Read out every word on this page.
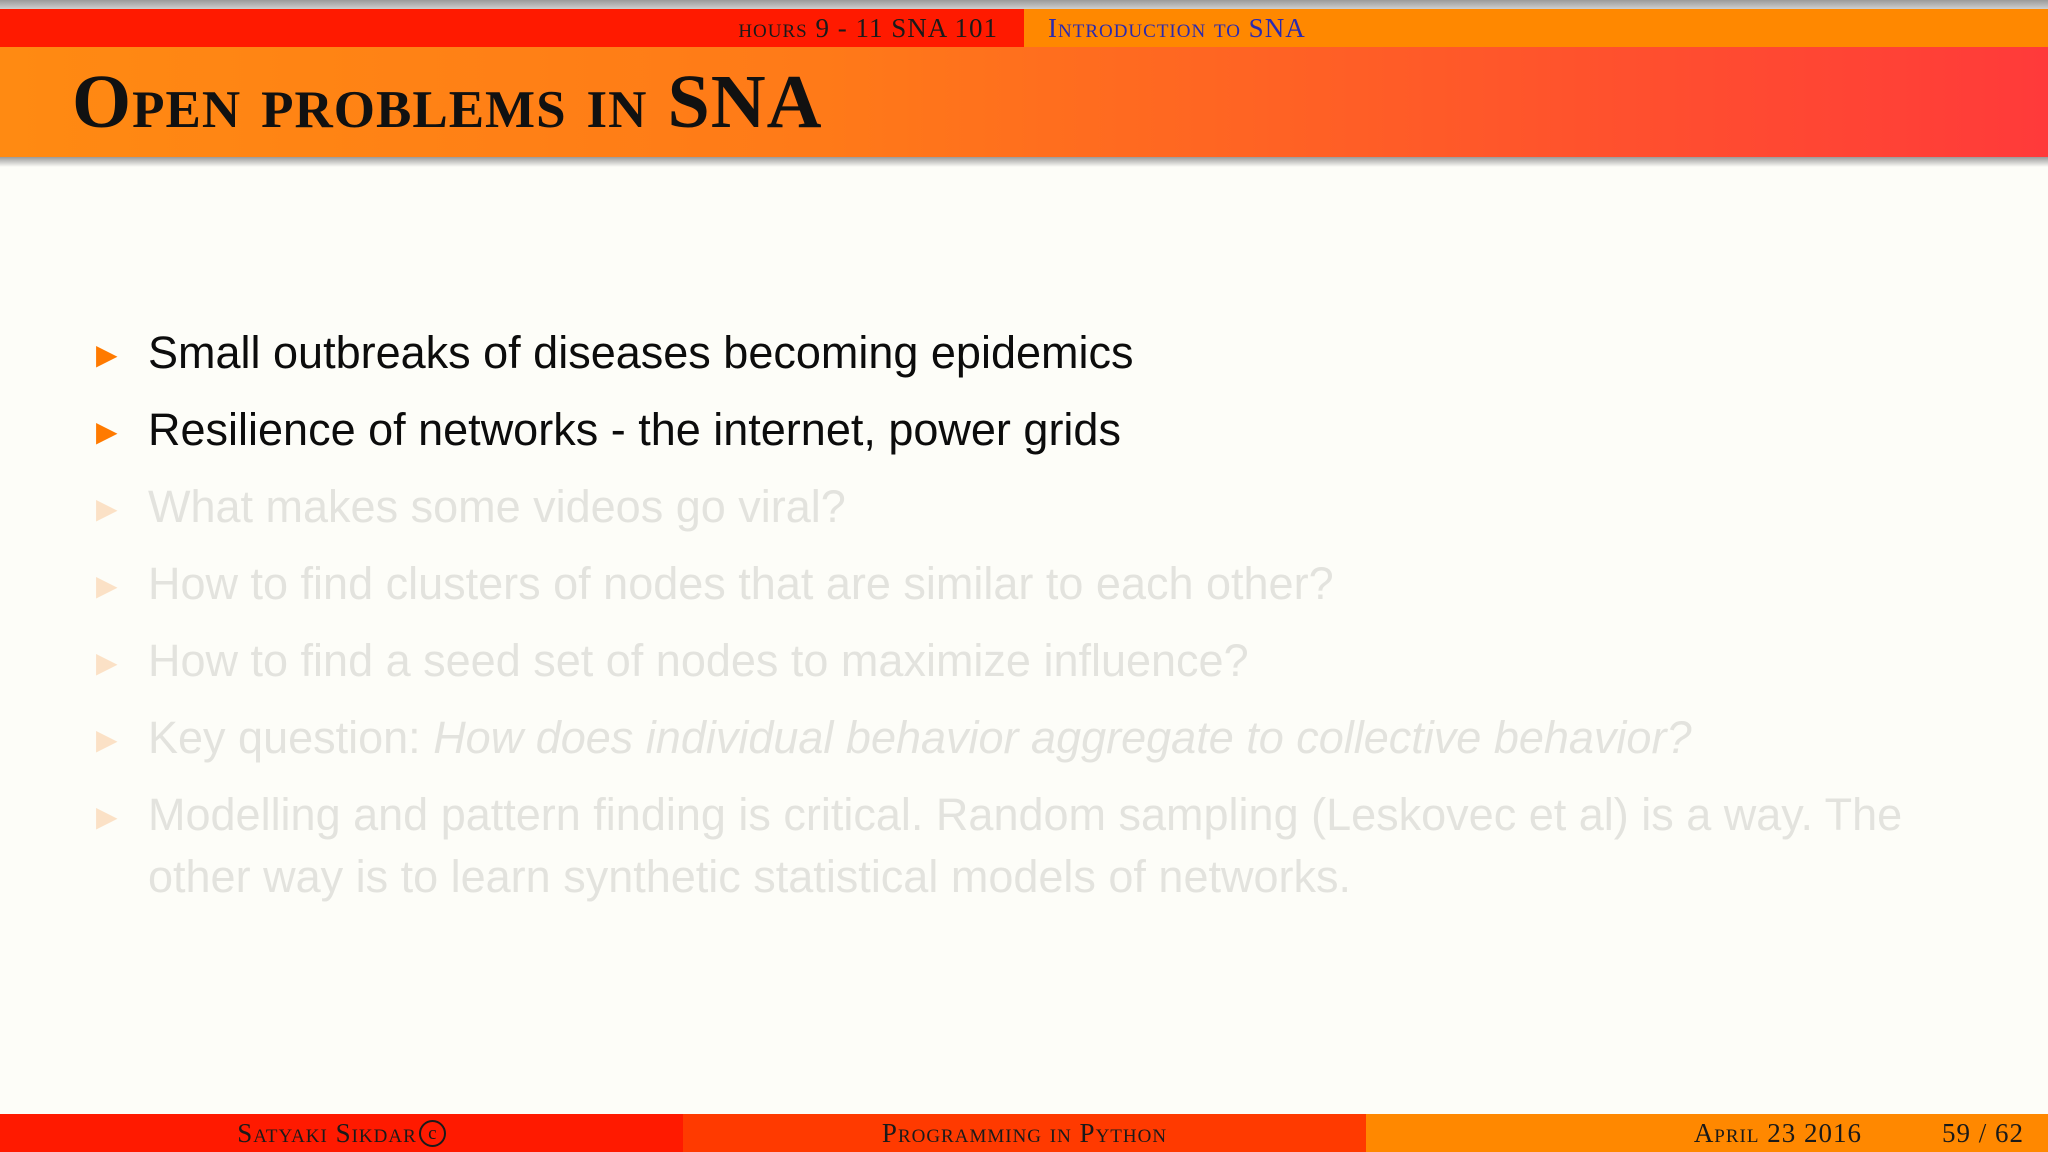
hours 9 - 11 SNA 101 Introduction to SNA
Open problems in SNA
▶ Small outbreaks of diseases becoming epidemics
▶ Resilience of networks - the internet, power grids
▶ What makes some videos go viral?
▶ How to find clusters of nodes that are similar to each other?
▶ How to find a seed set of nodes to maximize influence?
▶ Key question: How does individual behavior aggregate to collective behavior?
▶ Modelling and pattern finding is critical. Random sampling (Leskovec et al) is a way. The other way is to learn synthetic statistical models of networks.
Satyaki Sikdar c	Programming in Python	April 23 2016	59 / 62
